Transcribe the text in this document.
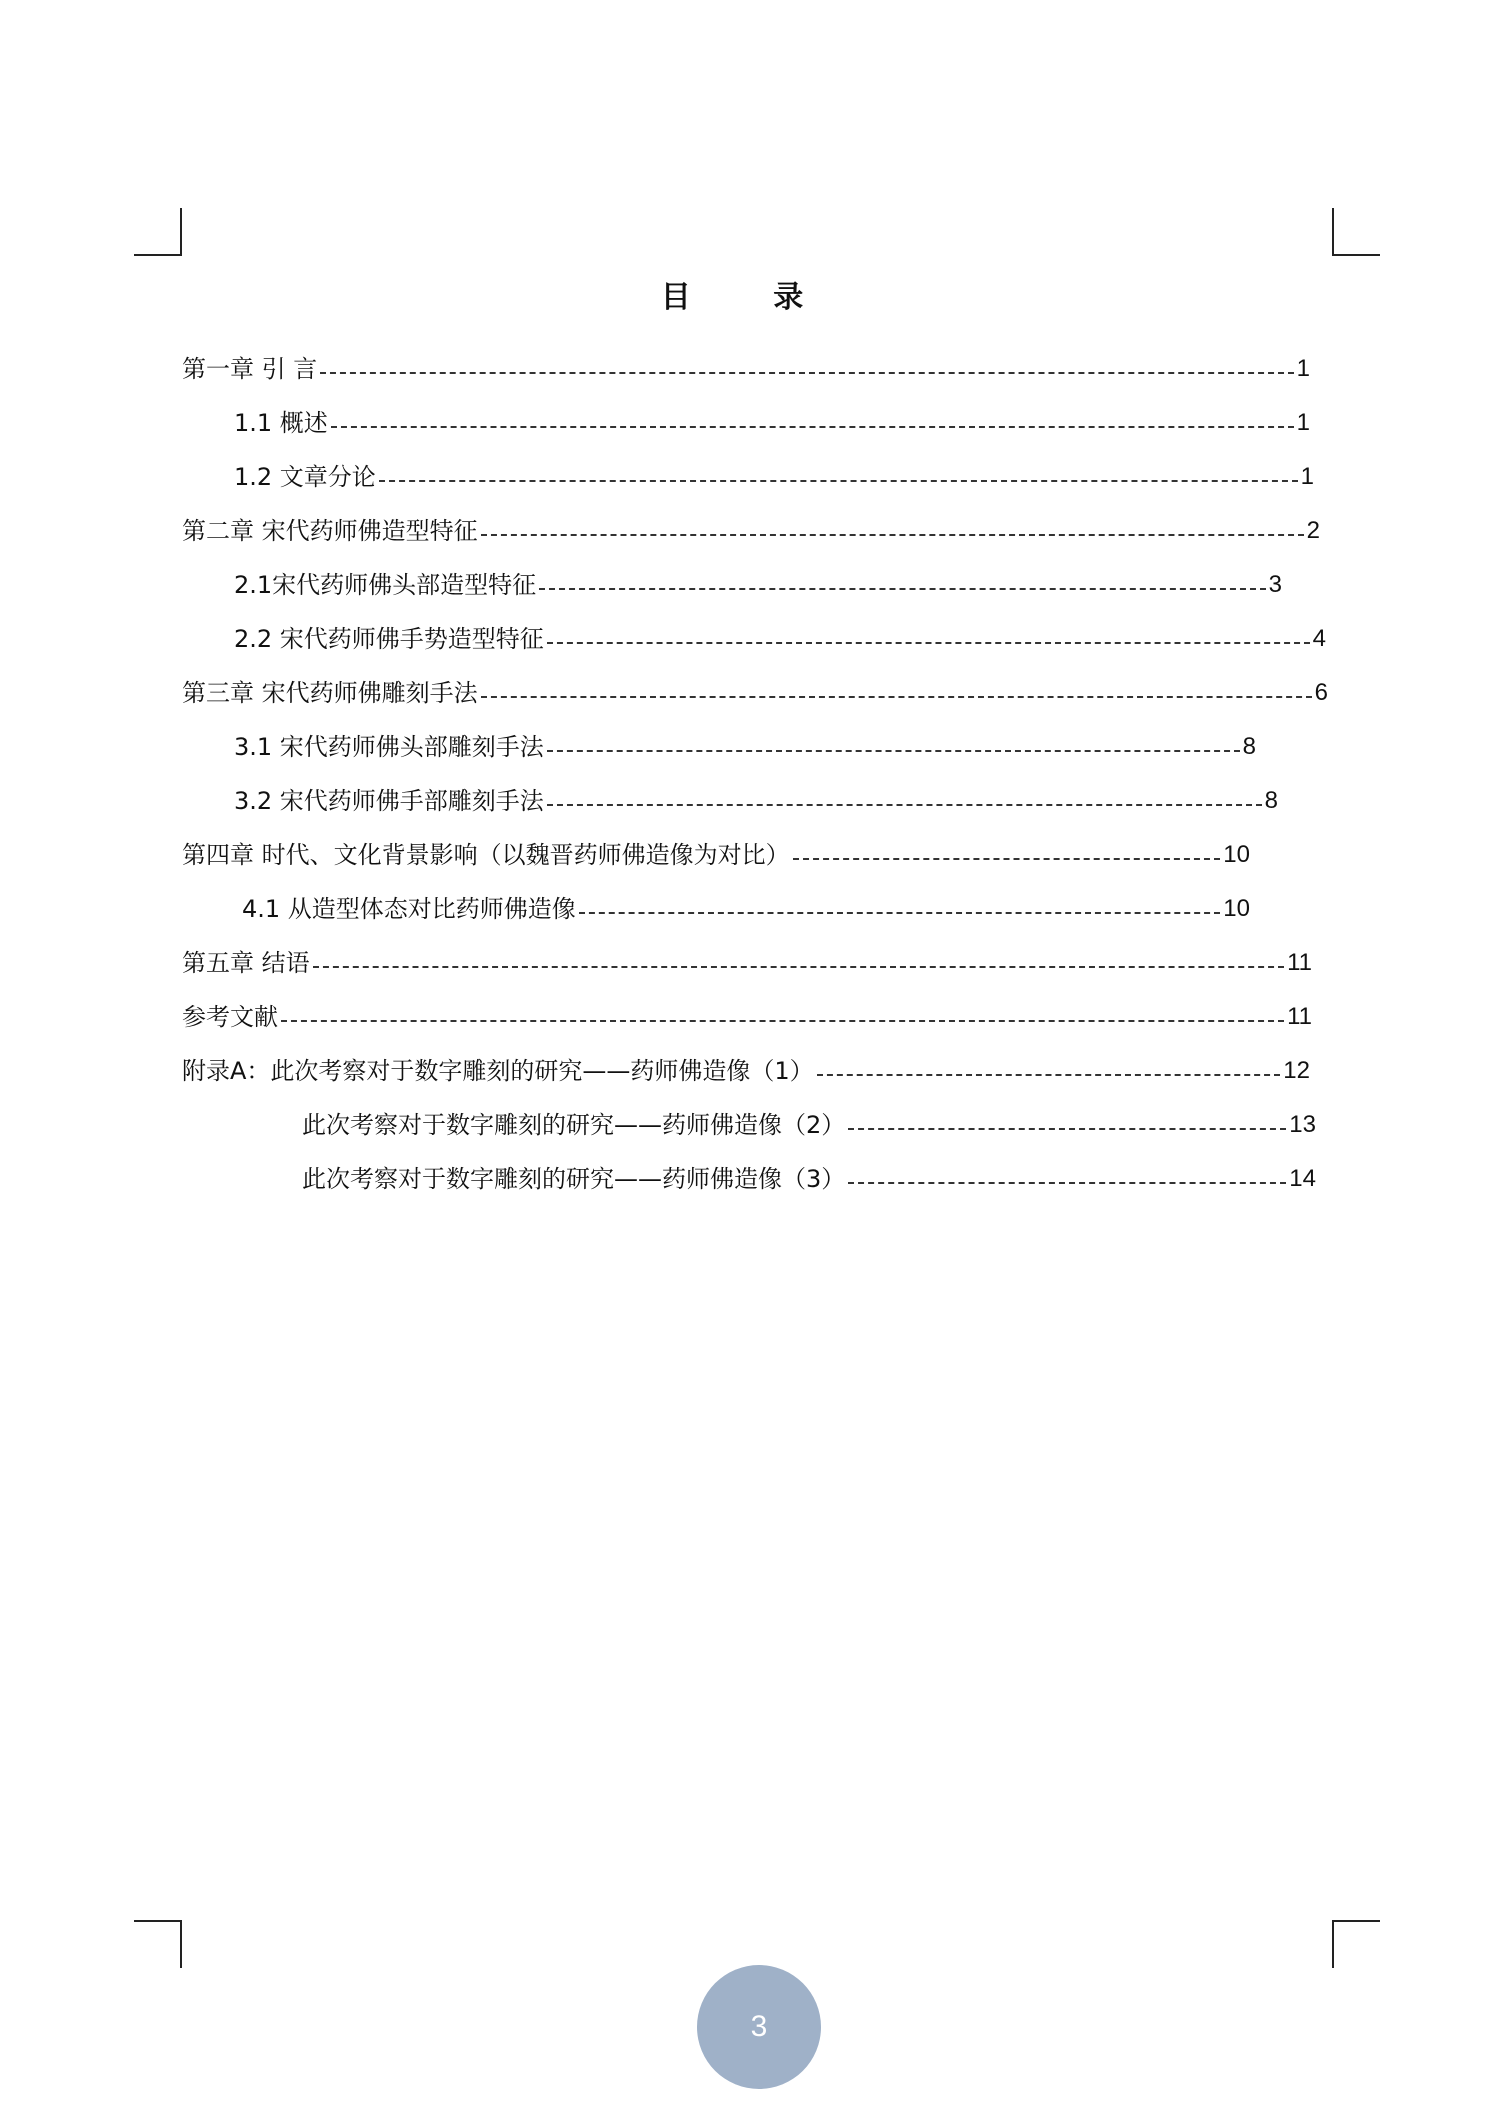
目 录
第一章 引 言	1
1.1 概述	1
1.2 文章分论	1
第二章 宋代药师佛造型特征	2
2.1宋代药师佛头部造型特征	3
2.2 宋代药师佛手势造型特征	4
第三章 宋代药师佛雕刻手法	6
3.1 宋代药师佛头部雕刻手法	8
3.2 宋代药师佛手部雕刻手法	8
第四章 时代、文化背景影响（以魏晋药师佛造像为对比）	10
4.1 从造型体态对比药师佛造像	10
第五章 结语	11
参考文献	11
附录A：此次考察对于数字雕刻的研究——药师佛造像（1）	12
此次考察对于数字雕刻的研究——药师佛造像（2）	13
此次考察对于数字雕刻的研究——药师佛造像（3）	14
3
